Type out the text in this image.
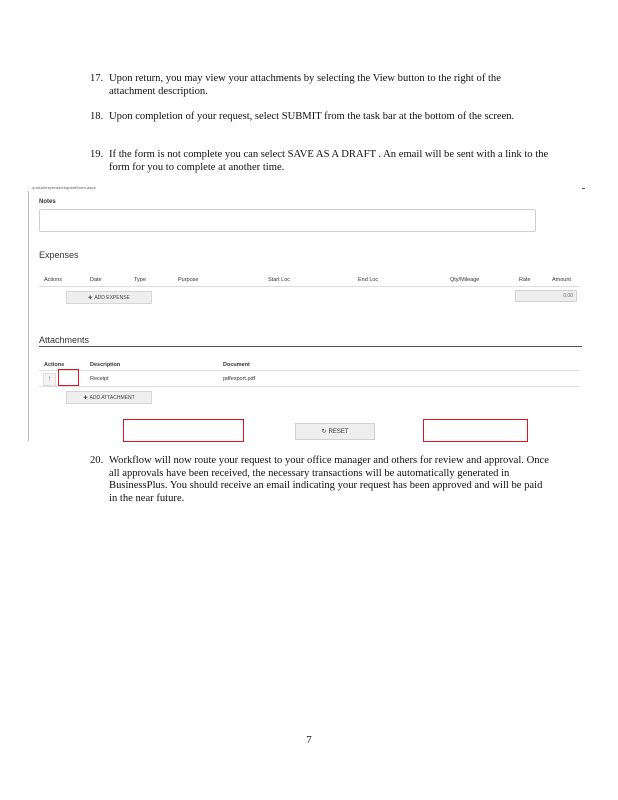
17. Upon return, you may view your attachments by selecting the View button to the right of the attachment description.
18. Upon completion of your request, select SUBMIT from the task bar at the bottom of the screen.
19. If the form is not complete you can select SAVE AS A DRAFT . An email will be sent with a link to the form for you to complete at another time.
…/portal/expense/request/form.aspx
Notes
Expenses
Actions	Date	Type	Purpose	Start Loc	End Loc	Qty/Mileage	Rate	Amount
✚ ADD EXPENSE	0.00
Attachments
Actions	Description	Document
↑	Receipt	pdfexport.pdf
✚ ADD ATTACHMENT
↻ RESET
20. Workflow will now route your request to your office manager and others for review and approval. Once all approvals have been received, the necessary transactions will be automatically generated in BusinessPlus. You should receive an email indicating your request has been approved and will be paid in the near future.
7
